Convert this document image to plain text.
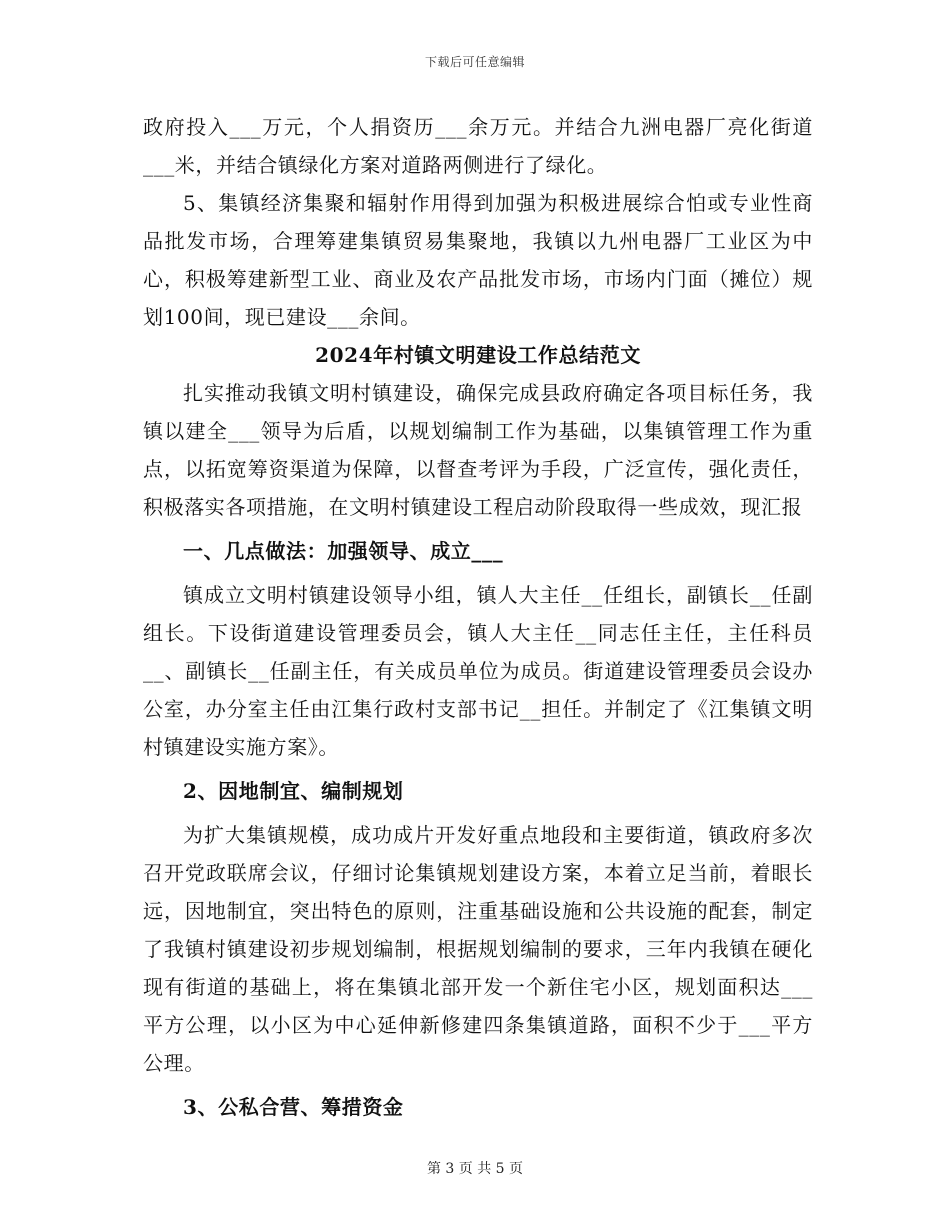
下载后可任意编辑

政府投入___万元，个人捐资历___余万元。并结合九洲电器厂亮化街道___米，并结合镇绿化方案对道路两侧进行了绿化。

5、集镇经济集聚和辐射作用得到加强为积极进展综合怕或专业性商品批发市场，合理筹建集镇贸易集聚地，我镇以九州电器厂工业区为中心，积极筹建新型工业、商业及农产品批发市场，市场内门面（摊位）规划100间，现已建设___余间。

2024年村镇文明建设工作总结范文

扎实推动我镇文明村镇建设，确保完成县政府确定各项目标任务，我镇以建全___领导为后盾，以规划编制工作为基础，以集镇管理工作为重点，以拓宽筹资渠道为保障，以督查考评为手段，广泛宣传，强化责任，积极落实各项措施，在文明村镇建设工程启动阶段取得一些成效，现汇报

一、几点做法：加强领导、成立___

镇成立文明村镇建设领导小组，镇人大主任__任组长，副镇长__任副组长。下设街道建设管理委员会，镇人大主任__同志任主任，主任科员__、副镇长__任副主任，有关成员单位为成员。街道建设管理委员会设办公室，办分室主任由江集行政村支部书记__担任。并制定了《江集镇文明村镇建设实施方案》。

2、因地制宜、编制规划

为扩大集镇规模，成功成片开发好重点地段和主要街道，镇政府多次召开党政联席会议，仔细讨论集镇规划建设方案，本着立足当前，着眼长远，因地制宜，突出特色的原则，注重基础设施和公共设施的配套，制定了我镇村镇建设初步规划编制，根据规划编制的要求，三年内我镇在硬化现有街道的基础上，将在集镇北部开发一个新住宅小区，规划面积达___平方公理，以小区为中心延伸新修建四条集镇道路，面积不少于___平方公理。

3、公私合营、筹措资金

第 3 页 共 5 页
